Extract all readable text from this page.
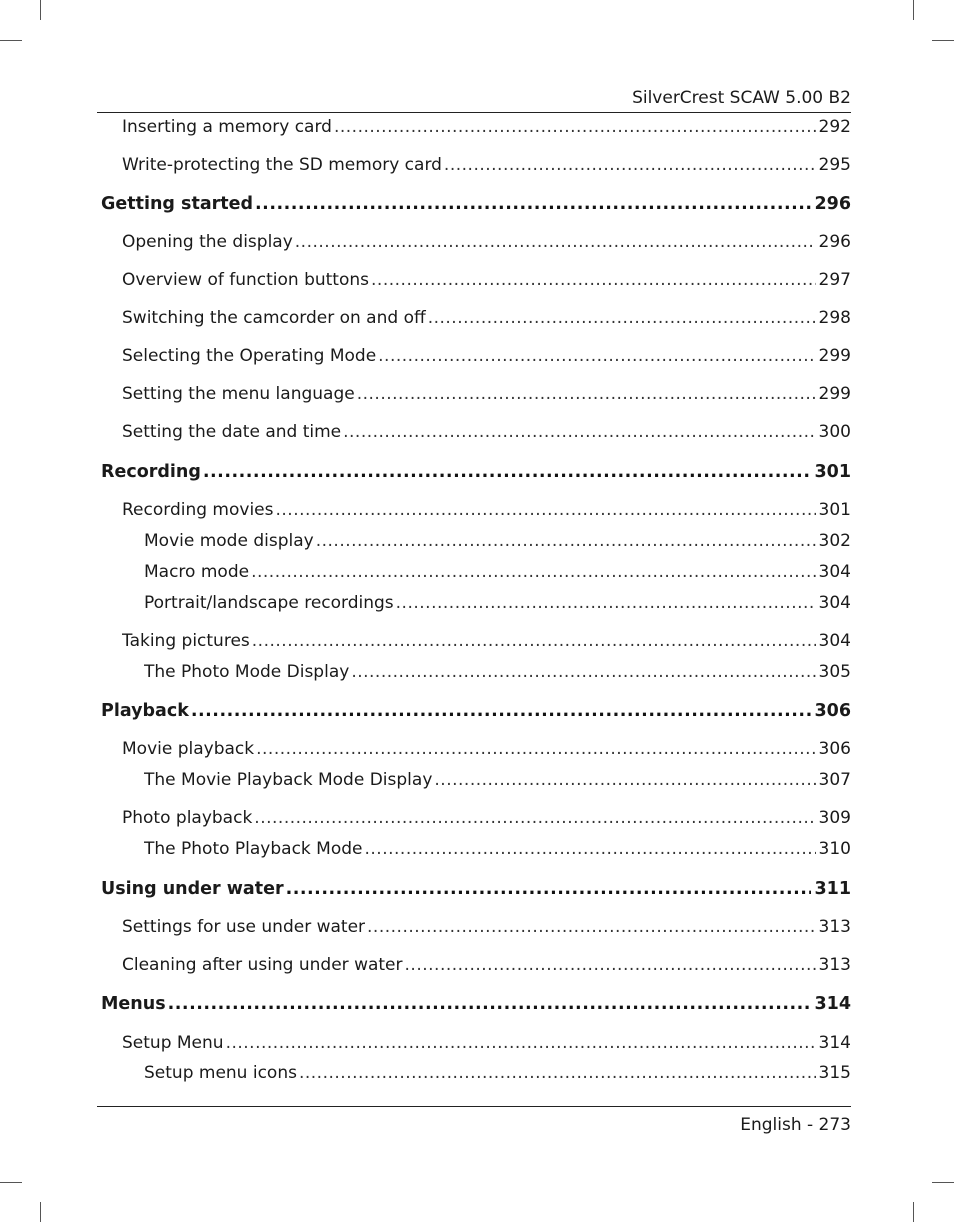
SilverCrest SCAW 5.00 B2
Inserting a memory card .....	292
Write-protecting the SD memory card .....	295
Getting started .....	296
Opening the display .....	296
Overview of function buttons .....	297
Switching the camcorder on and off .....	298
Selecting the Operating Mode .....	299
Setting the menu language .....	299
Setting the date and time .....	300
Recording .....	301
Recording movies .....	301
Movie mode display .....	302
Macro mode .....	304
Portrait/landscape recordings .....	304
Taking pictures .....	304
The Photo Mode Display .....	305
Playback .....	306
Movie playback .....	306
The Movie Playback Mode Display .....	307
Photo playback .....	309
The Photo Playback Mode .....	310
Using under water .....	311
Settings for use under water .....	313
Cleaning after using under water .....	313
Menus .....	314
Setup Menu .....	314
Setup menu icons .....	315
English - 273
